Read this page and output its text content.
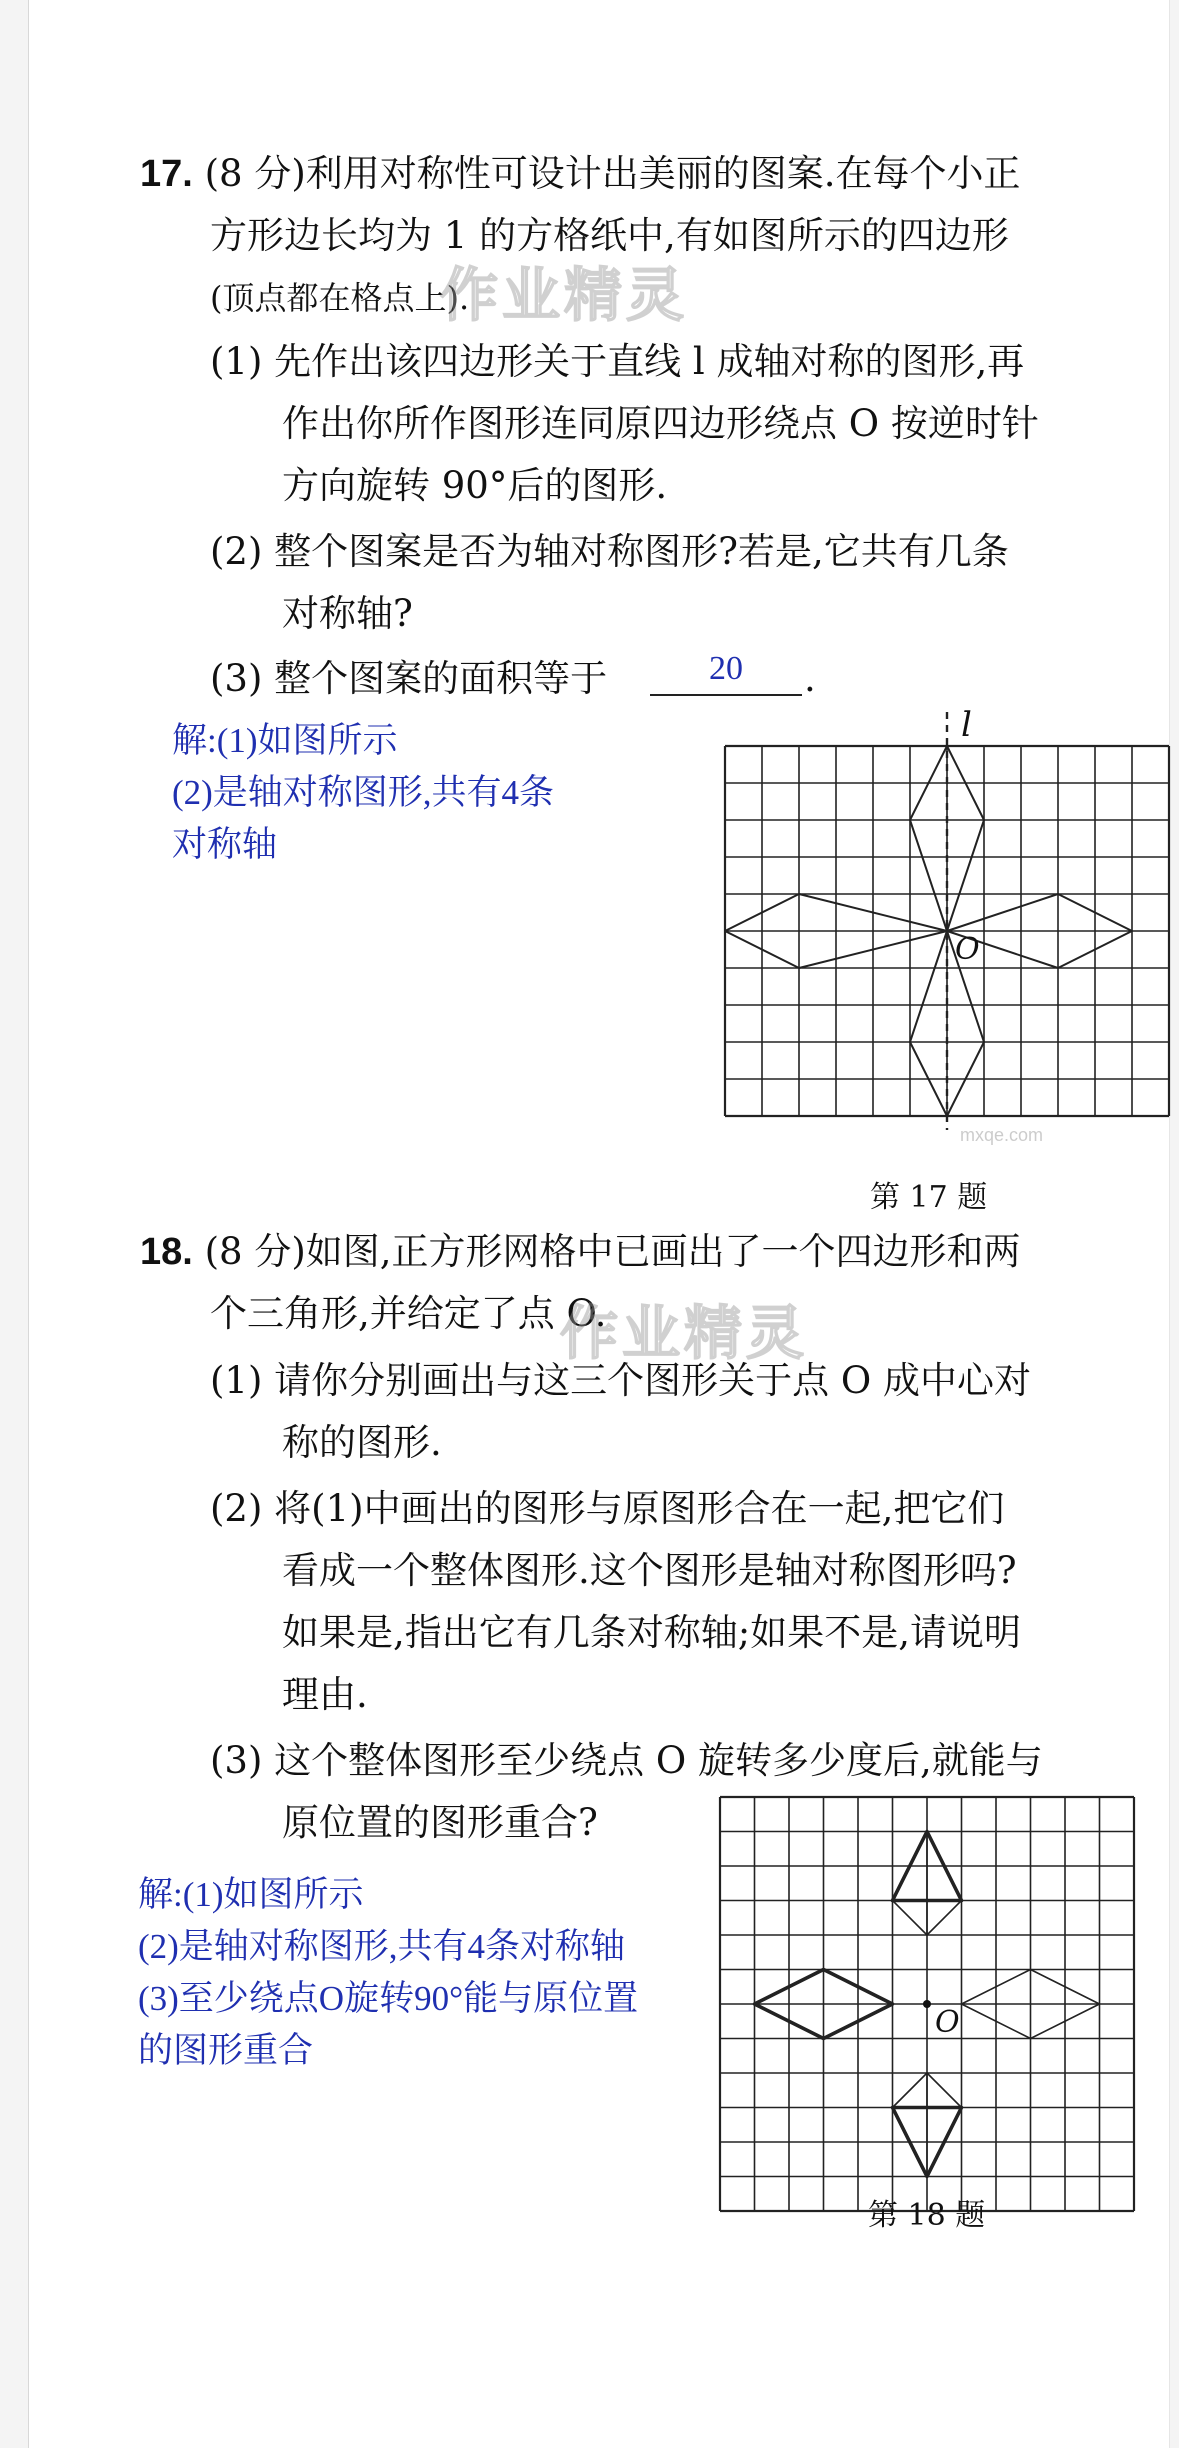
17. (8 分)利用对称性可设计出美丽的图案.在每个小正
方形边长均为 1 的方格纸中,有如图所示的四边形
(顶点都在格点上).
作业精灵
(1) 先作出该四边形关于直线 l 成轴对称的图形,再
作出你所作图形连同原四边形绕点 O 按逆时针
方向旋转 90°后的图形.
(2) 整个图案是否为轴对称图形?若是,它共有几条
对称轴?
(3) 整个图案的面积等于	20	.
解:(1)如图所示
(2)是轴对称图形,共有4条
对称轴
l
O
第 17 题
mxqe.com
18. (8 分)如图,正方形网格中已画出了一个四边形和两
个三角形,并给定了点 O.
作业精灵
(1) 请你分别画出与这三个图形关于点 O 成中心对
称的图形.
(2) 将(1)中画出的图形与原图形合在一起,把它们
看成一个整体图形.这个图形是轴对称图形吗?
如果是,指出它有几条对称轴;如果不是,请说明
理由.
(3) 这个整体图形至少绕点 O 旋转多少度后,就能与
原位置的图形重合?
解:(1)如图所示
(2)是轴对称图形,共有4条对称轴
(3)至少绕点O旋转90°能与原位置
的图形重合
O
第 18 题
